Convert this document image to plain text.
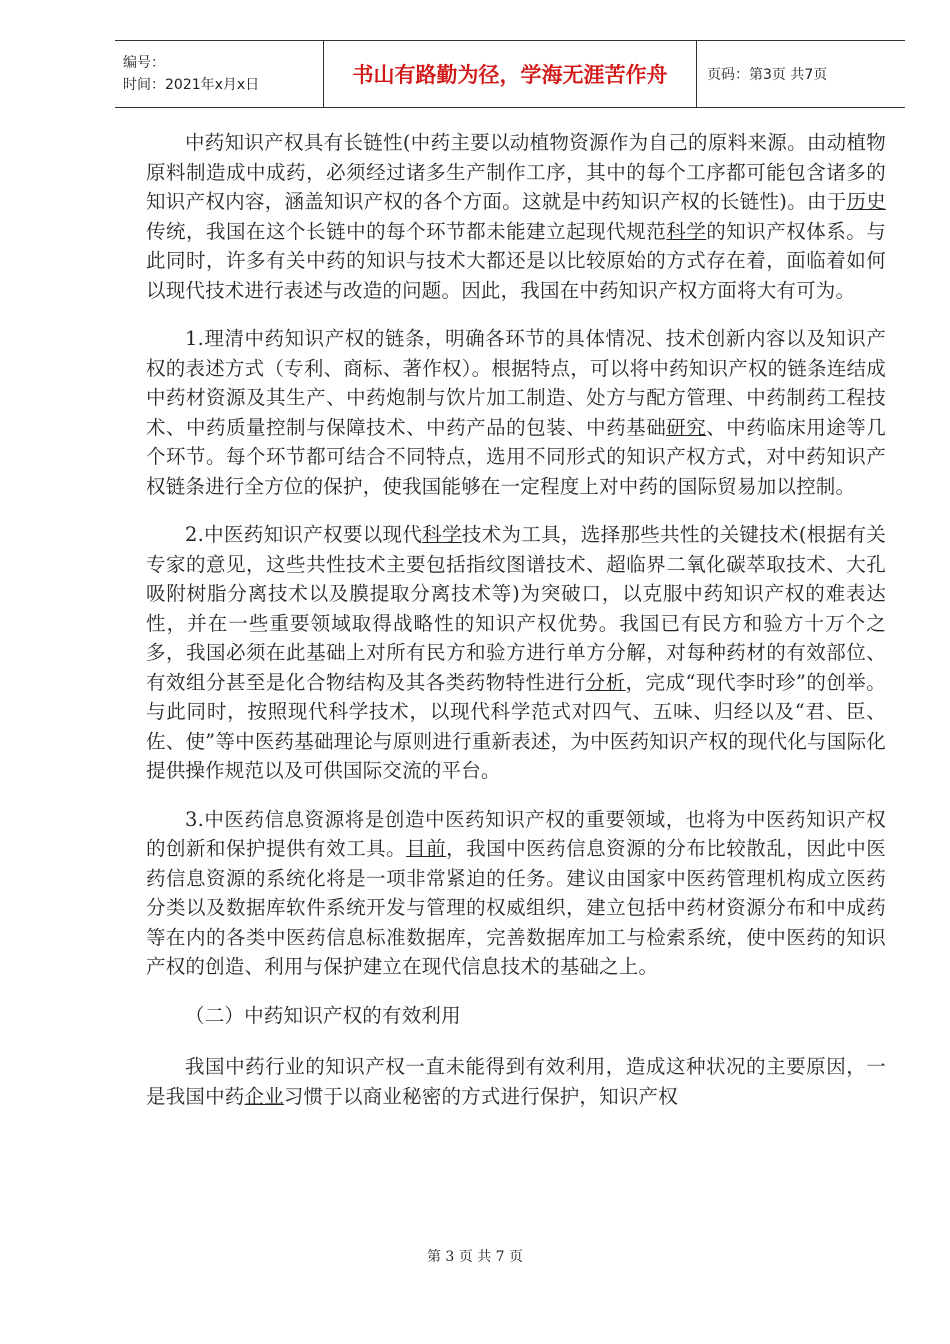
编号：
时间：2021年x月x日	书山有路勤为径，学海无涯苦作舟	页码：第3页 共7页

中药知识产权具有长链性(中药主要以动植物资源作为自己的原料来源。由动植物原料制造成中成药，必须经过诸多生产制作工序，其中的每个工序都可能包含诸多的知识产权内容，涵盖知识产权的各个方面。这就是中药知识产权的长链性)。由于历史传统，我国在这个长链中的每个环节都未能建立起现代规范科学的知识产权体系。与此同时，许多有关中药的知识与技术大都还是以比较原始的方式存在着，面临着如何以现代技术进行表述与改造的问题。因此，我国在中药知识产权方面将大有可为。

1.理清中药知识产权的链条，明确各环节的具体情况、技术创新内容以及知识产权的表述方式（专利、商标、著作权）。根据特点，可以将中药知识产权的链条连结成中药材资源及其生产、中药炮制与饮片加工制造、处方与配方管理、中药制药工程技术、中药质量控制与保障技术、中药产品的包装、中药基础研究、中药临床用途等几个环节。每个环节都可结合不同特点，选用不同形式的知识产权方式，对中药知识产权链条进行全方位的保护，使我国能够在一定程度上对中药的国际贸易加以控制。

2.中医药知识产权要以现代科学技术为工具，选择那些共性的关键技术(根据有关专家的意见，这些共性技术主要包括指纹图谱技术、超临界二氧化碳萃取技术、大孔吸附树脂分离技术以及膜提取分离技术等)为突破口，以克服中药知识产权的难表达性，并在一些重要领域取得战略性的知识产权优势。我国已有民方和验方十万个之多，我国必须在此基础上对所有民方和验方进行单方分解，对每种药材的有效部位、有效组分甚至是化合物结构及其各类药物特性进行分析，完成“现代李时珍”的创举。与此同时，按照现代科学技术，以现代科学范式对四气、五味、归经以及“君、臣、佐、使”等中医药基础理论与原则进行重新表述，为中医药知识产权的现代化与国际化提供操作规范以及可供国际交流的平台。

3.中医药信息资源将是创造中医药知识产权的重要领域，也将为中医药知识产权的创新和保护提供有效工具。目前，我国中医药信息资源的分布比较散乱，因此中医药信息资源的系统化将是一项非常紧迫的任务。建议由国家中医药管理机构成立医药分类以及数据库软件系统开发与管理的权威组织，建立包括中药材资源分布和中成药等在内的各类中医药信息标准数据库，完善数据库加工与检索系统，使中医药的知识产权的创造、利用与保护建立在现代信息技术的基础之上。

（二）中药知识产权的有效利用

我国中药行业的知识产权一直未能得到有效利用，造成这种状况的主要原因，一是我国中药企业习惯于以商业秘密的方式进行保护，知识产权

第 3 页 共 7 页
